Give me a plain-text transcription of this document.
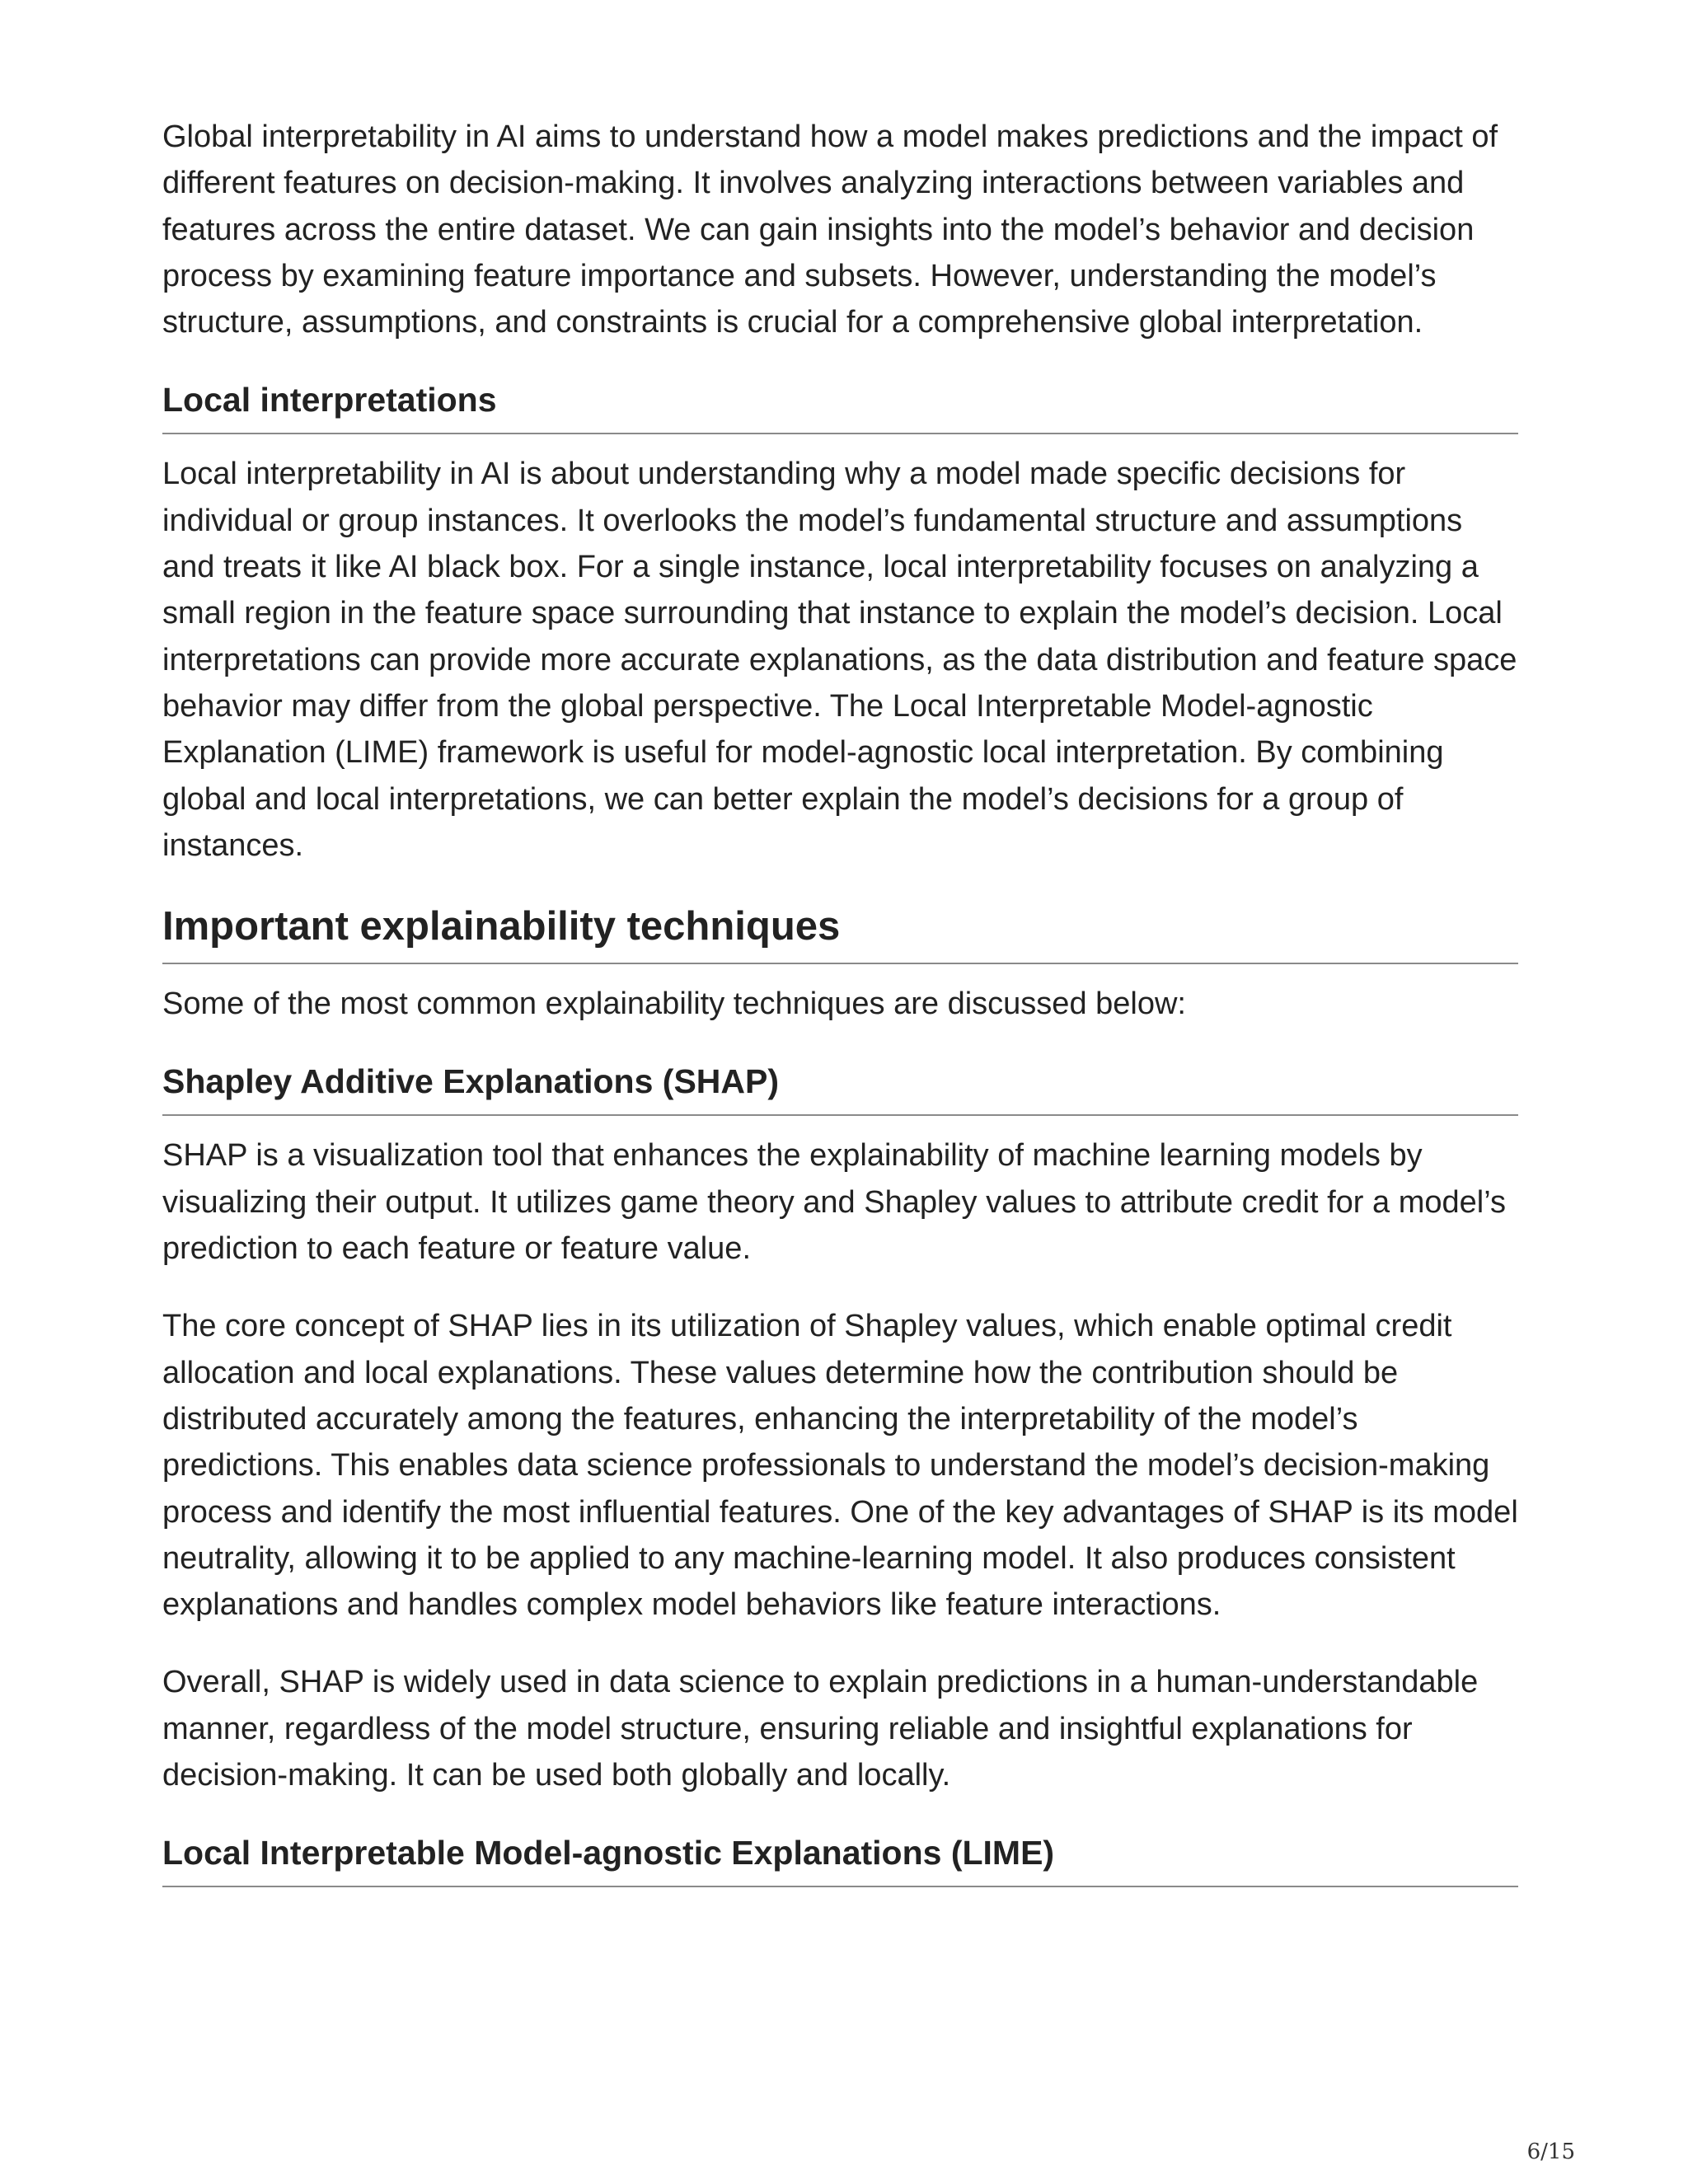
Global interpretability in AI aims to understand how a model makes predictions and the impact of different features on decision-making. It involves analyzing interactions between variables and features across the entire dataset. We can gain insights into the model’s behavior and decision process by examining feature importance and subsets. However, understanding the model’s structure, assumptions, and constraints is crucial for a comprehensive global interpretation.

Local interpretations

Local interpretability in AI is about understanding why a model made specific decisions for individual or group instances. It overlooks the model’s fundamental structure and assumptions and treats it like AI black box. For a single instance, local interpretability focuses on analyzing a small region in the feature space surrounding that instance to explain the model’s decision. Local interpretations can provide more accurate explanations, as the data distribution and feature space behavior may differ from the global perspective. The Local Interpretable Model-agnostic Explanation (LIME) framework is useful for model-agnostic local interpretation. By combining global and local interpretations, we can better explain the model’s decisions for a group of instances.

Important explainability techniques

Some of the most common explainability techniques are discussed below:

Shapley Additive Explanations (SHAP)

SHAP is a visualization tool that enhances the explainability of machine learning models by visualizing their output. It utilizes game theory and Shapley values to attribute credit for a model’s prediction to each feature or feature value.

The core concept of SHAP lies in its utilization of Shapley values, which enable optimal credit allocation and local explanations. These values determine how the contribution should be distributed accurately among the features, enhancing the interpretability of the model’s predictions. This enables data science professionals to understand the model’s decision-making process and identify the most influential features. One of the key advantages of SHAP is its model neutrality, allowing it to be applied to any machine-learning model. It also produces consistent explanations and handles complex model behaviors like feature interactions.

Overall, SHAP is widely used in data science to explain predictions in a human-understandable manner, regardless of the model structure, ensuring reliable and insightful explanations for decision-making. It can be used both globally and locally.

Local Interpretable Model-agnostic Explanations (LIME)
6/15
